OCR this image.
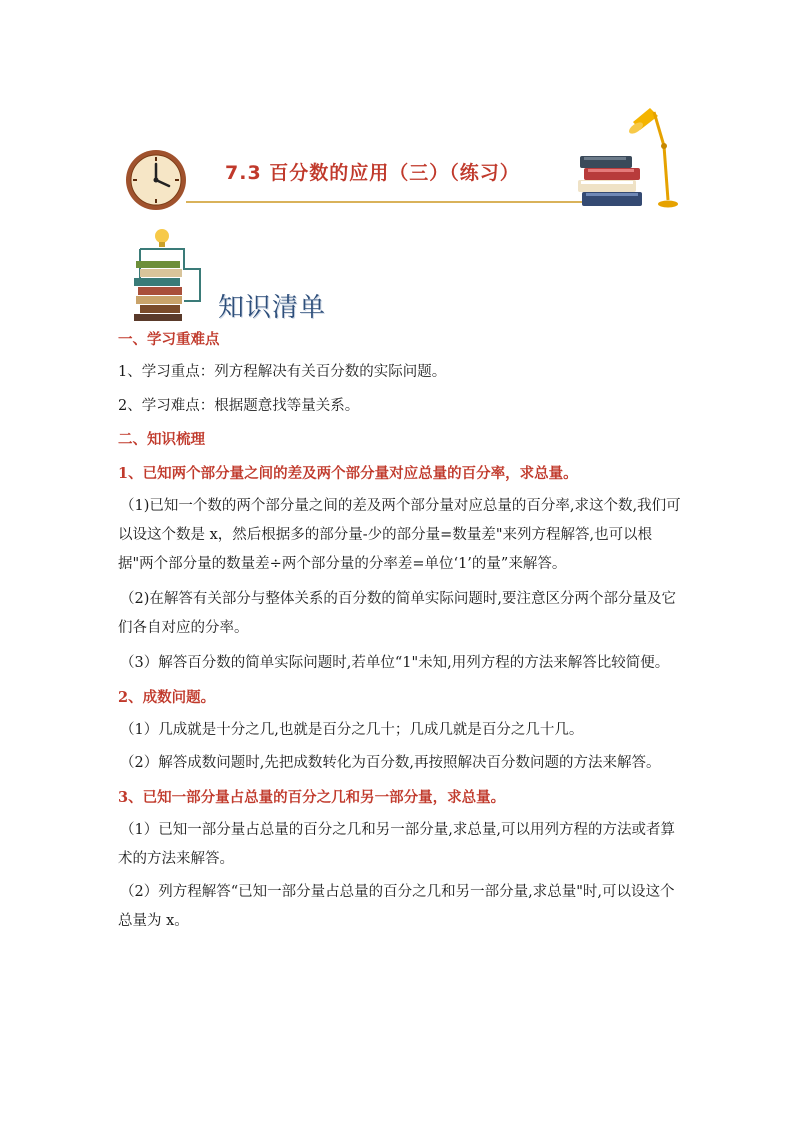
7.3 百分数的应用（三）（练习）
知识清单

一、学习重难点

1、学习重点：列方程解决有关百分数的实际问题。

2、学习难点：根据题意找等量关系。

二、知识梳理

1、已知两个部分量之间的差及两个部分量对应总量的百分率，求总量。

（1)已知一个数的两个部分量之间的差及两个部分量对应总量的百分率,求这个数,我们可以设这个数是 x，然后根据多的部分量-少的部分量=数量差"来列方程解答,也可以根据"两个部分量的数量差÷两个部分量的分率差=单位‘1’的量”来解答。

（2)在解答有关部分与整体关系的百分数的简单实际问题时,要注意区分两个部分量及它们各自对应的分率。

（3）解答百分数的简单实际问题时,若单位“1"未知,用列方程的方法来解答比较简便。

2、成数问题。

（1）几成就是十分之几,也就是百分之几十；几成几就是百分之几十几。

（2）解答成数问题时,先把成数转化为百分数,再按照解决百分数问题的方法来解答。

3、已知一部分量占总量的百分之几和另一部分量，求总量。

（1）已知一部分量占总量的百分之几和另一部分量,求总量,可以用列方程的方法或者算术的方法来解答。

（2）列方程解答“已知一部分量占总量的百分之几和另一部分量,求总量"时,可以设这个总量为 x。
